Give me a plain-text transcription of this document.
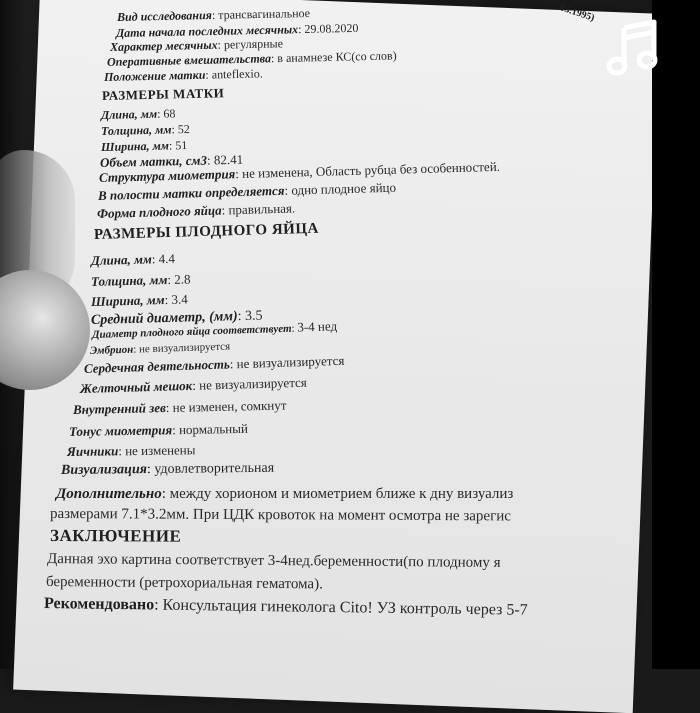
Вид исследования: трансвагинальное	03.1995)
Дата начала последних месячных: 29.08.2020
Характер месячных: регулярные
Оперативные вмешательства: в анамнезе КС(со слов)
Положение матки: anteflexio.
РАЗМЕРЫ МАТКИ
Длина, мм: 68
Толщина, мм: 52
Ширина, мм: 51
Объем матки, см3: 82.41
Структура миометрия: не изменена, Область рубца без особенностей.
В полости матки определяется: одно плодное яйцо
Форма плодного яйца: правильная.
РАЗМЕРЫ ПЛОДНОГО ЯЙЦА
Длина, мм: 4.4
Толщина, мм: 2.8
Ширина, мм: 3.4
Средний диаметр, (мм): 3.5
Диаметр плодного яйца соответствует: 3-4 нед
Эмбрион: не визуализируется
Сердечная деятельность: не визуализируется
Желточный мешок: не визуализируется
Внутренний зев: не изменен, сомкнут
Тонус миометрия: нормальный
Яичники: не изменены
Визуализация: удовлетворительная
Дополнительно: между хорионом и миометрием ближе к дну визуализ
размерами 7.1*3.2мм. При ЦДК кровоток на момент осмотра не зарегис
ЗАКЛЮЧЕНИЕ
Данная эхо картина соответствует 3-4нед.беременности(по плодному я
беременности (ретрохориальная гематома).
Рекомендовано: Консультация гинеколога Cito! УЗ контроль через 5-7
